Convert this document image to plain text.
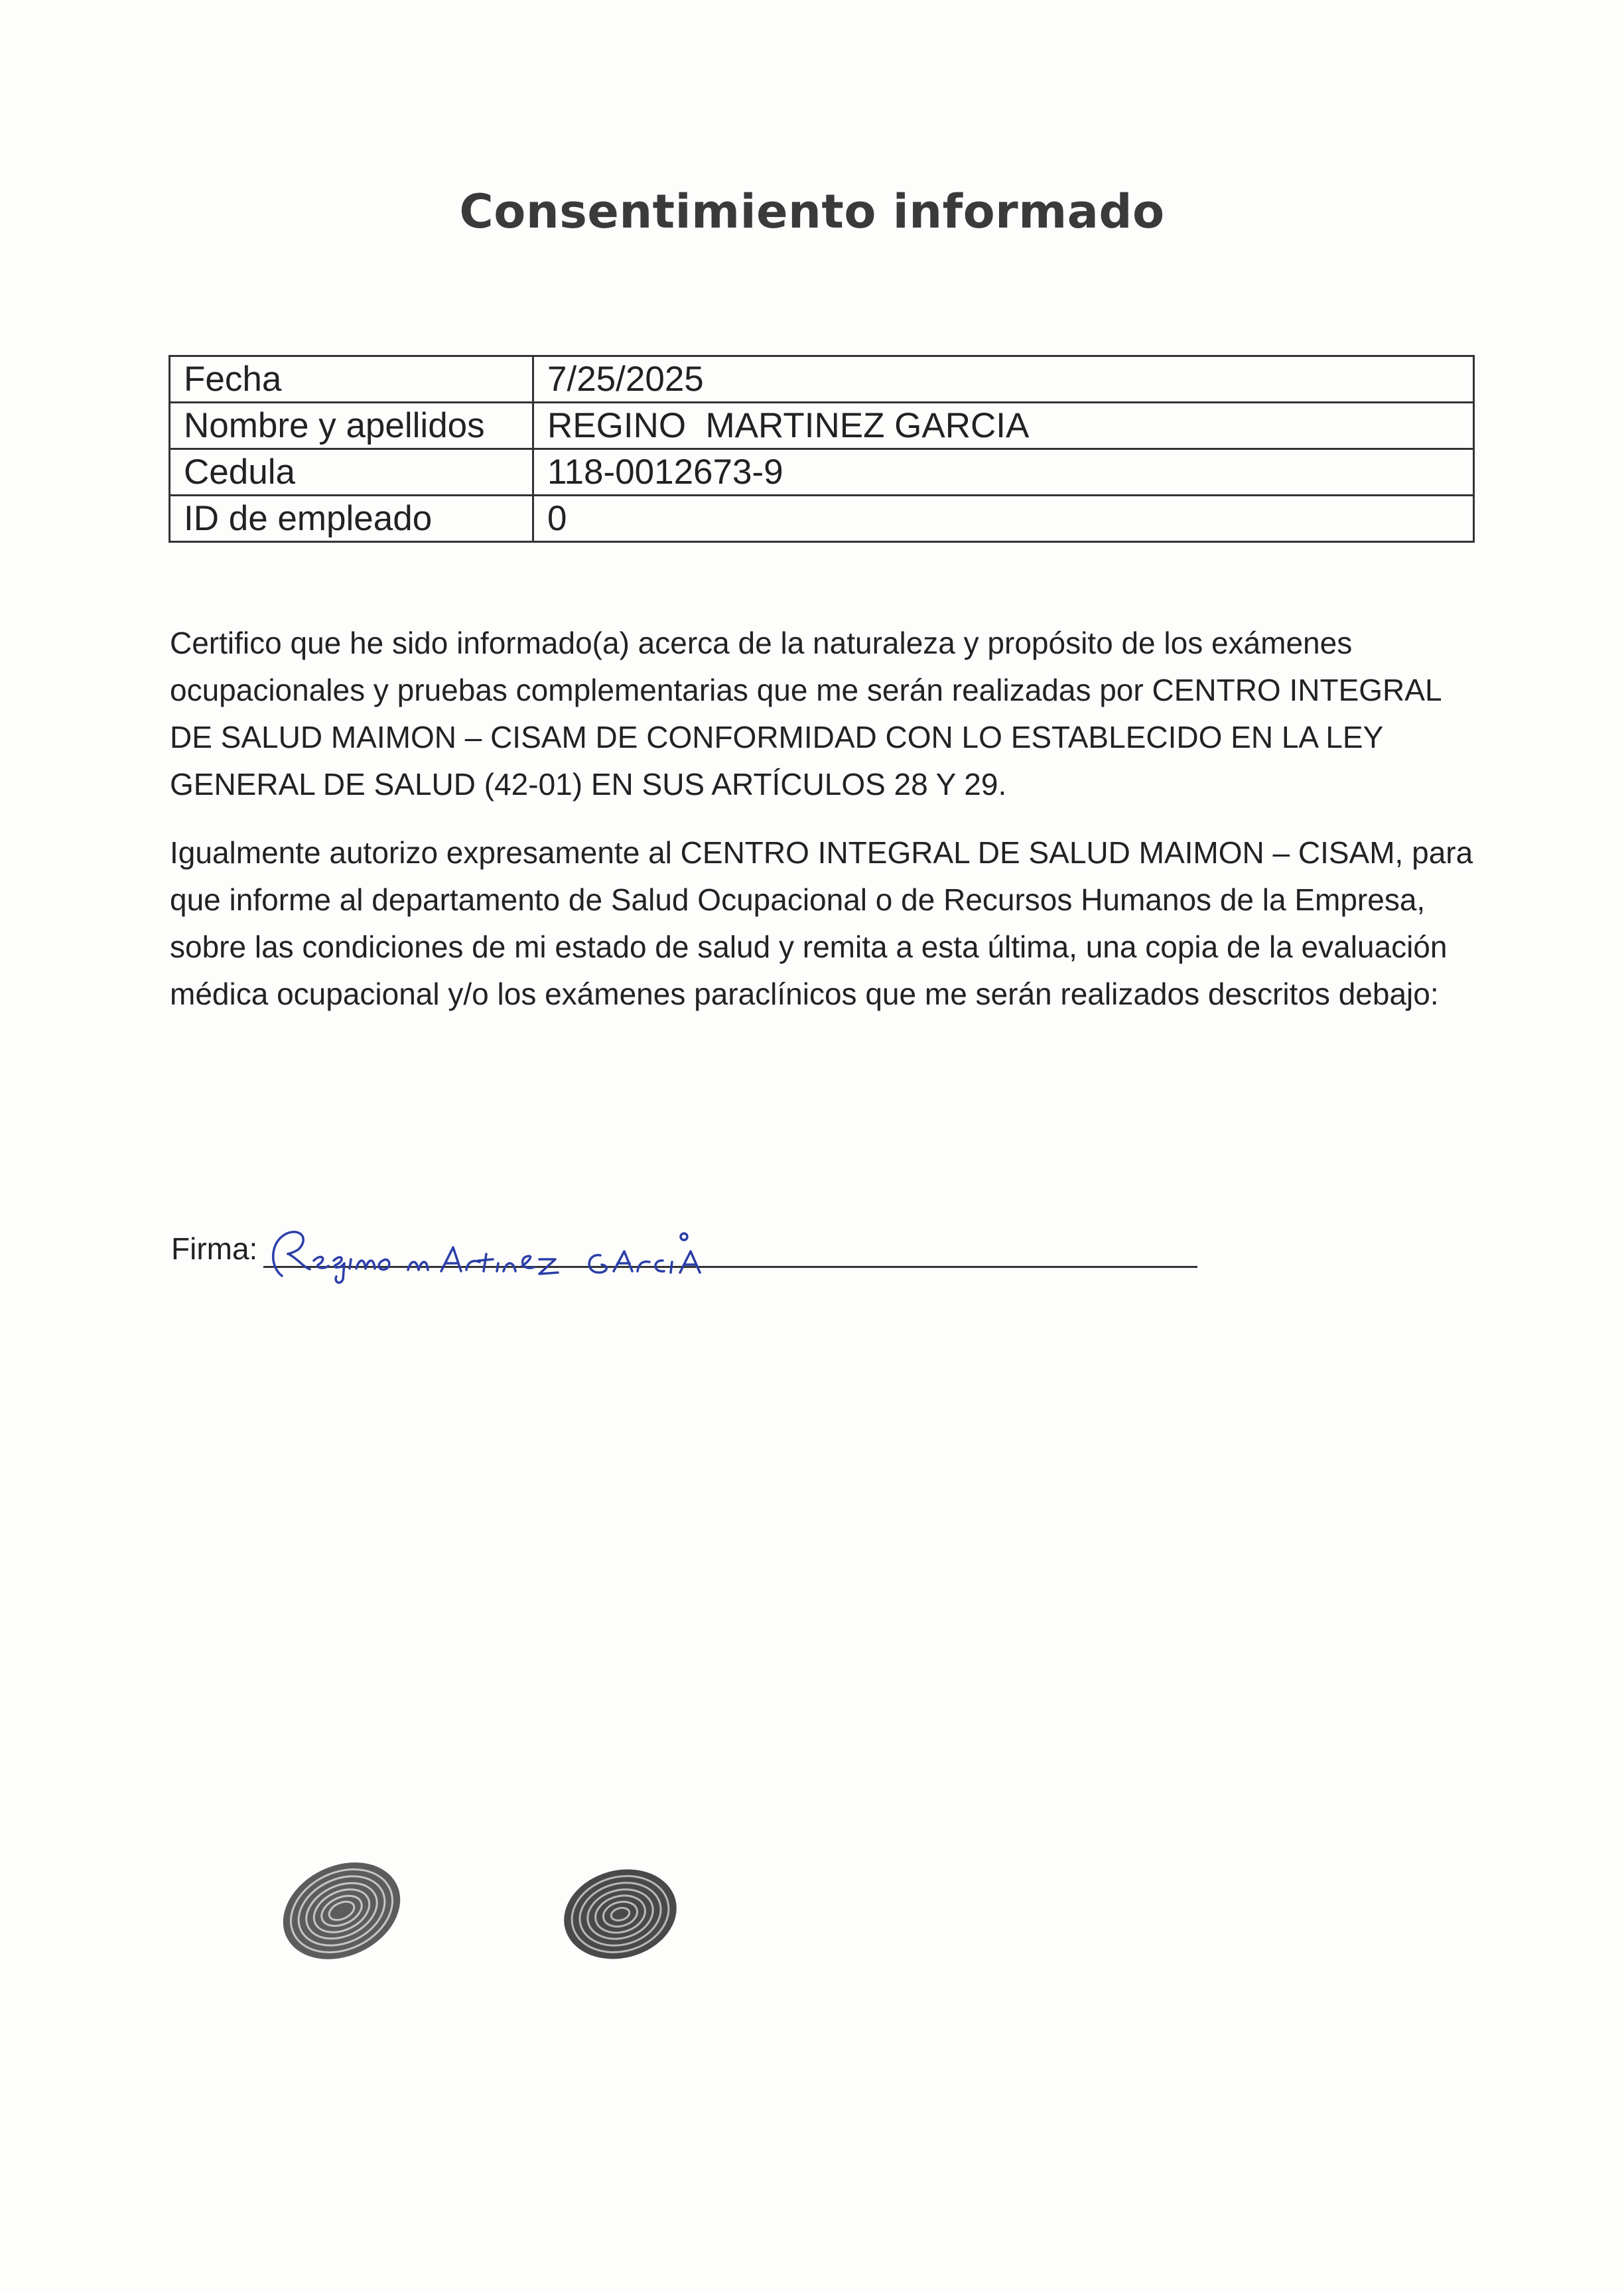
Consentimiento informado
Fecha	7/25/2025
Nombre y apellidos	REGINO  MARTINEZ GARCIA
Cedula	118-0012673-9
ID de empleado	0

Certifico que he sido informado(a) acerca de la naturaleza y propósito de los exámenes ocupacionales y pruebas complementarias que me serán realizadas por CENTRO INTEGRAL DE SALUD MAIMON – CISAM DE CONFORMIDAD CON LO ESTABLECIDO EN LA LEY GENERAL DE SALUD (42-01) EN SUS ARTÍCULOS 28 Y 29.

Igualmente autorizo expresamente al CENTRO INTEGRAL DE SALUD MAIMON – CISAM, para que informe al departamento de Salud Ocupacional o de Recursos Humanos de la Empresa, sobre las condiciones de mi estado de salud y remita a esta última, una copia de la evaluación médica ocupacional y/o los exámenes paraclínicos que me serán realizados descritos debajo:

Firma:
